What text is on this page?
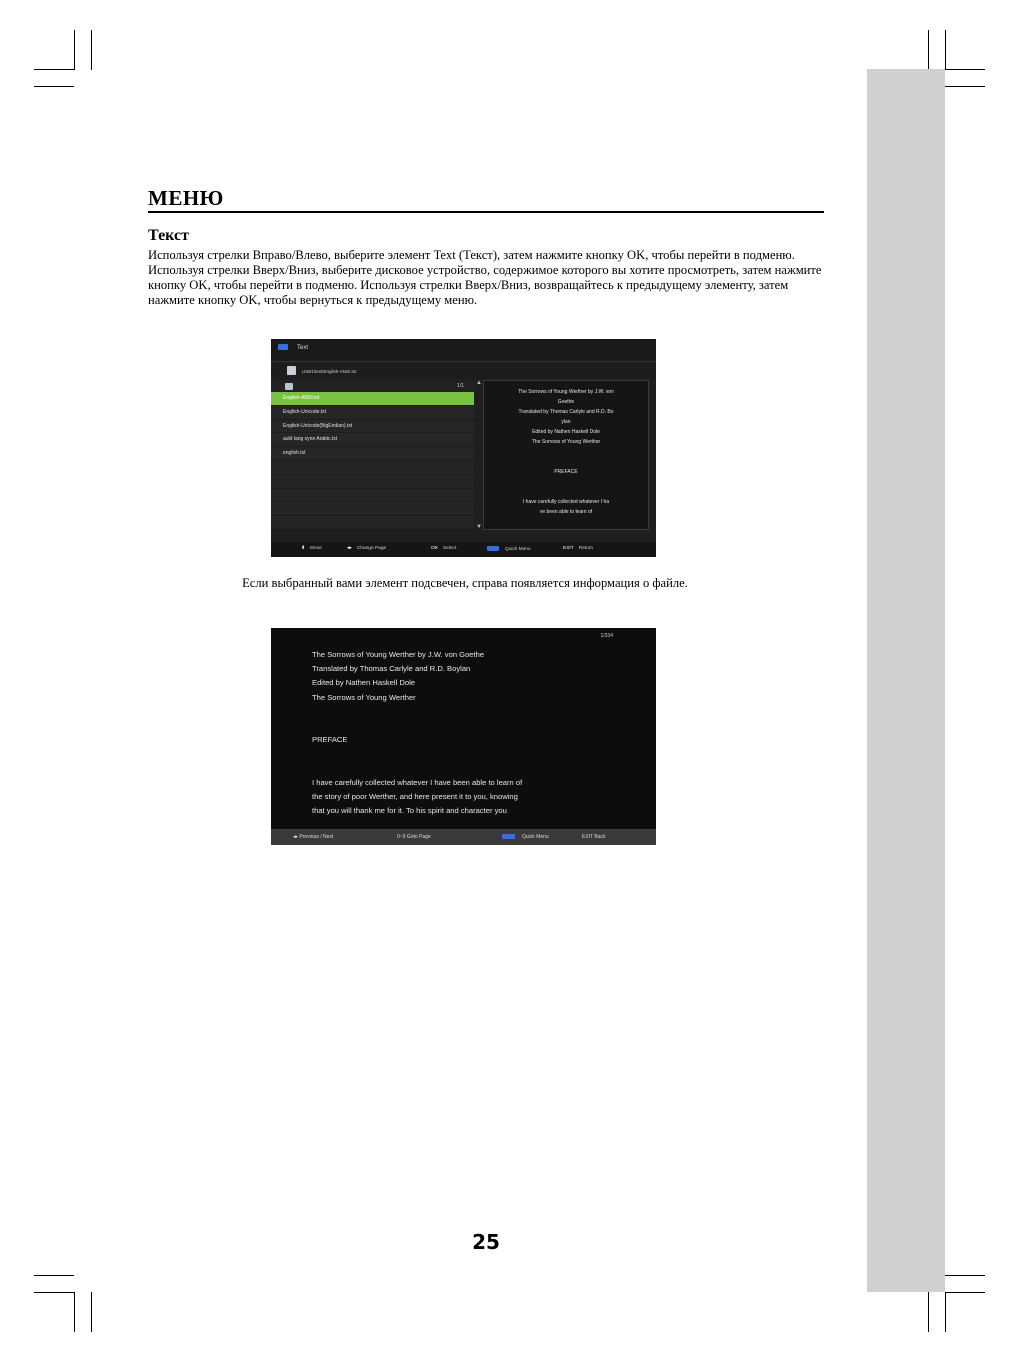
МЕНЮ
Текст

Используя стрелки Вправо/Влево, выберите элемент Text (Текст), затем нажмите кнопку OK, чтобы перейти в подменю.

Используя стрелки Вверх/Вниз, выберите дисковое устройство, содержимое которого вы хотите просмотреть, затем нажмите кнопку OK, чтобы перейти в подменю. Используя стрелки Вверх/Вниз, возвращайтесь к предыдущему элементу, затем нажмите кнопку OK, чтобы вернуться к предыдущему меню.

Text
USB1\text\English-ANSI.txt
1/1
English-ANSI.txt
English-Unicode.txt
English-Unicode(BigEndian).txt
auld lang syne Arabic.txt
english.txt
▲
▼
The Sorrows of Young Werther by J.W. von
Goethe
Translated by Thomas Carlyle and R.D. Bo
ylan
Edited by Nathen Haskell Dole
The Sorrows of Young Werther

PREFACE

I have carefully collected whatever I ha
ve been able to learn of
⬍ Move	◂▸ Change Page	OK Select	Quick Menu	EXIT Return
Если выбранный вами элемент подсвечен, справа появляется информация о файле.
1/334
The Sorrows of Young Werther by J.W. von Goethe
Translated by Thomas Carlyle and R.D. Boylan
Edited by Nathen Haskell Dole
The Sorrows of Young Werther
PREFACE
I have carefully collected whatever I have been able to learn of
the story of poor Werther, and here present it to you, knowing
that you will thank me for it. To his spirit and character you
◂▸ Previous / Next	0~9 Goto Page	Quick Menu	EXIT Back
25
